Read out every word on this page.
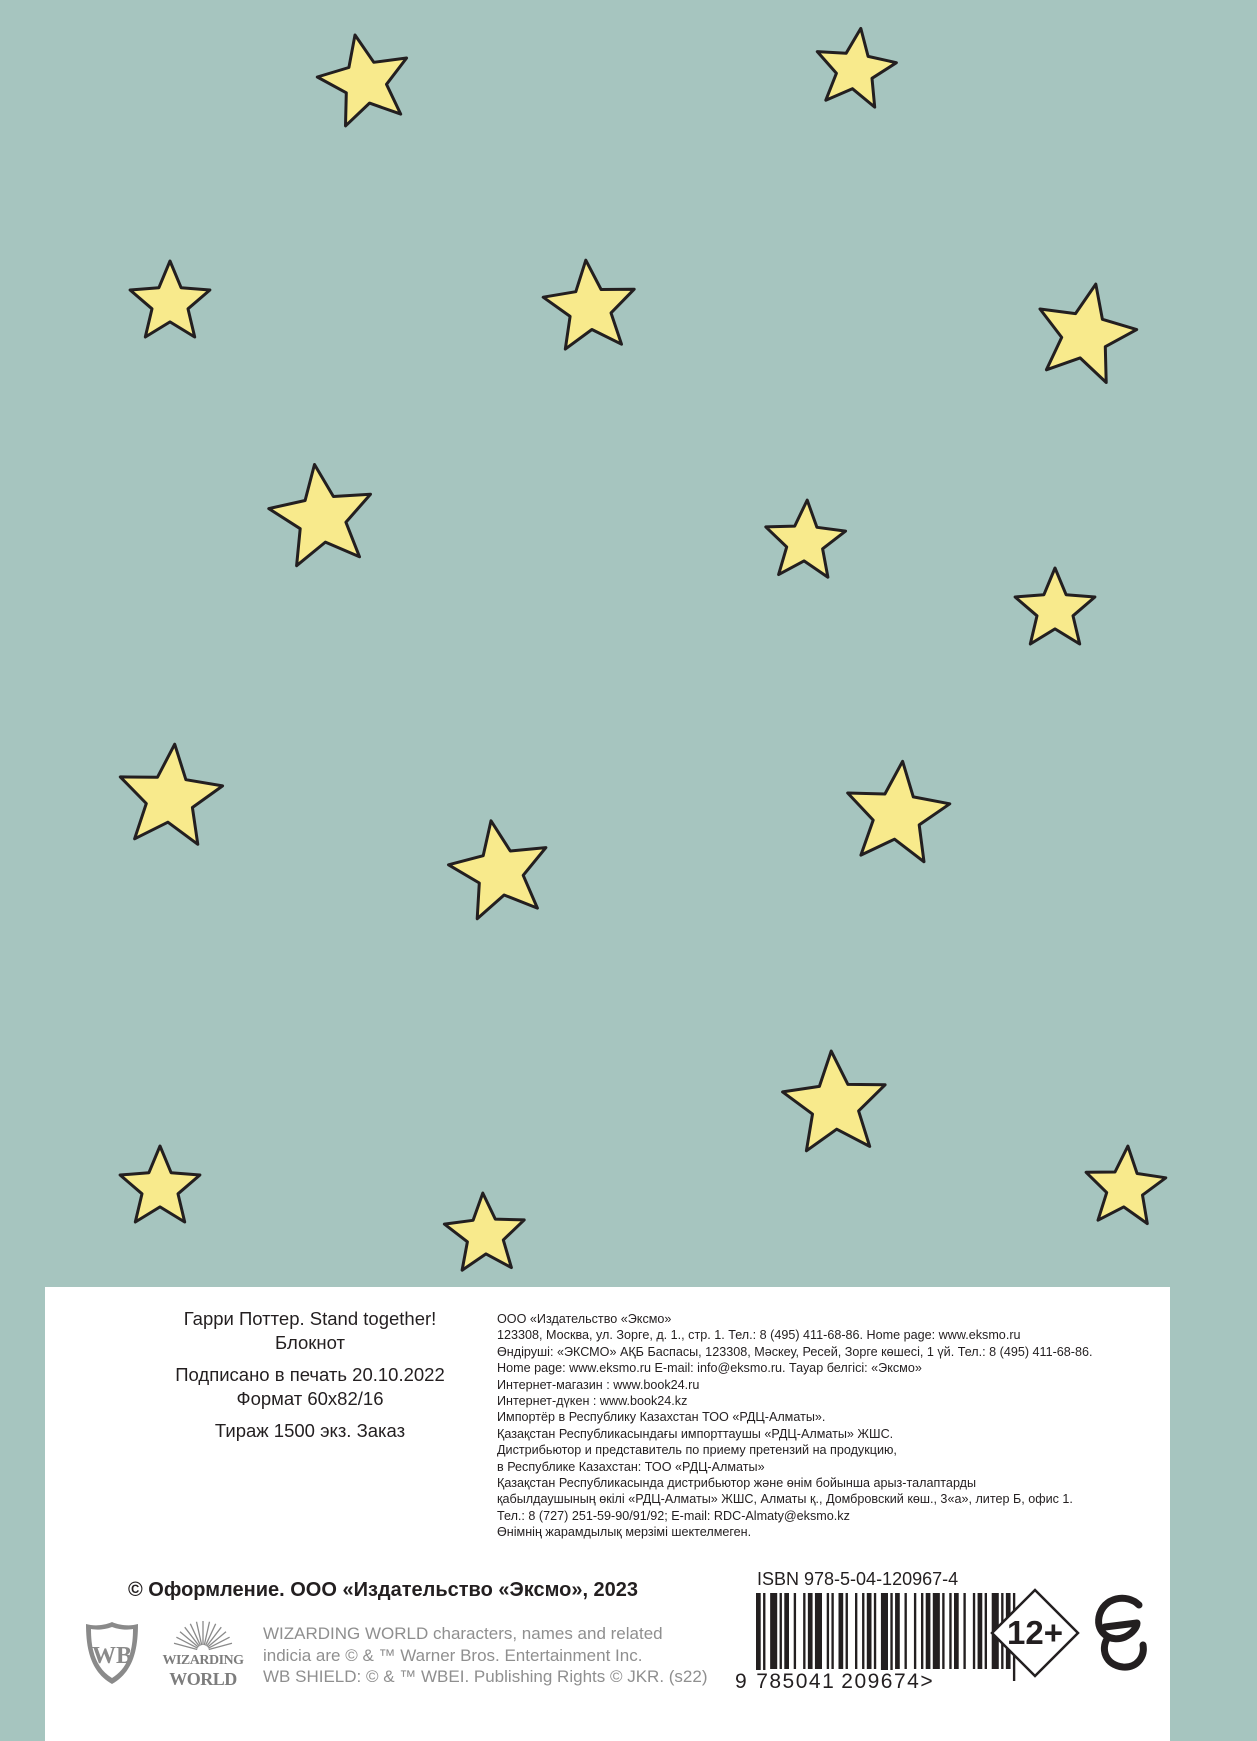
Гарри Поттер. Stand together!
Блокнот
Подписано в печать 20.10.2022
Формат 60x82/16
Тираж 1500 экз. Заказ
ООО «Издательство «Эксмо»
123308, Москва, ул. Зорге, д. 1., стр. 1. Тел.: 8 (495) 411-68-86. Home page: www.eksmo.ru
Өндіруші: «ЭКСМО» АҚБ Баспасы, 123308, Мәскеу, Ресей, Зорге көшесі, 1 үй. Тел.: 8 (495) 411-68-86.
Home page: www.eksmo.ru E-mail: info@eksmo.ru. Тауар белгісі: «Эксмо»
Интернет-магазин : www.book24.ru
Интернет-дүкен : www.book24.kz
Импортёр в Республику Казахстан ТОО «РДЦ-Алматы».
Қазақстан Республикасындағы импорттаушы «РДЦ-Алматы» ЖШС.
Дистрибьютор и представитель по приему претензий на продукцию,
в Республике Казахстан: ТОО «РДЦ-Алматы»
Қазақстан Республикасында дистрибьютор және өнім бойынша арыз-талаптарды
қабылдаушының өкілі «РДЦ-Алматы» ЖШС, Алматы қ., Домбровский көш., 3«а», литер Б, офис 1.
Тел.: 8 (727) 251-59-90/91/92; E-mail: RDC-Almaty@eksmo.kz
Өнімнің жарамдылық мерзімі шектелмеген.
© Оформление. ООО «Издательство «Эксмо», 2023
WB	WIZARDING
WORLD
WIZARDING WORLD characters, names and related
indicia are © & ™ Warner Bros. Entertainment Inc.
WB SHIELD: © & ™ WBEI. Publishing Rights © JKR. (s22)
ISBN 978-5-04-120967-4
9 785041 209674>
12+
